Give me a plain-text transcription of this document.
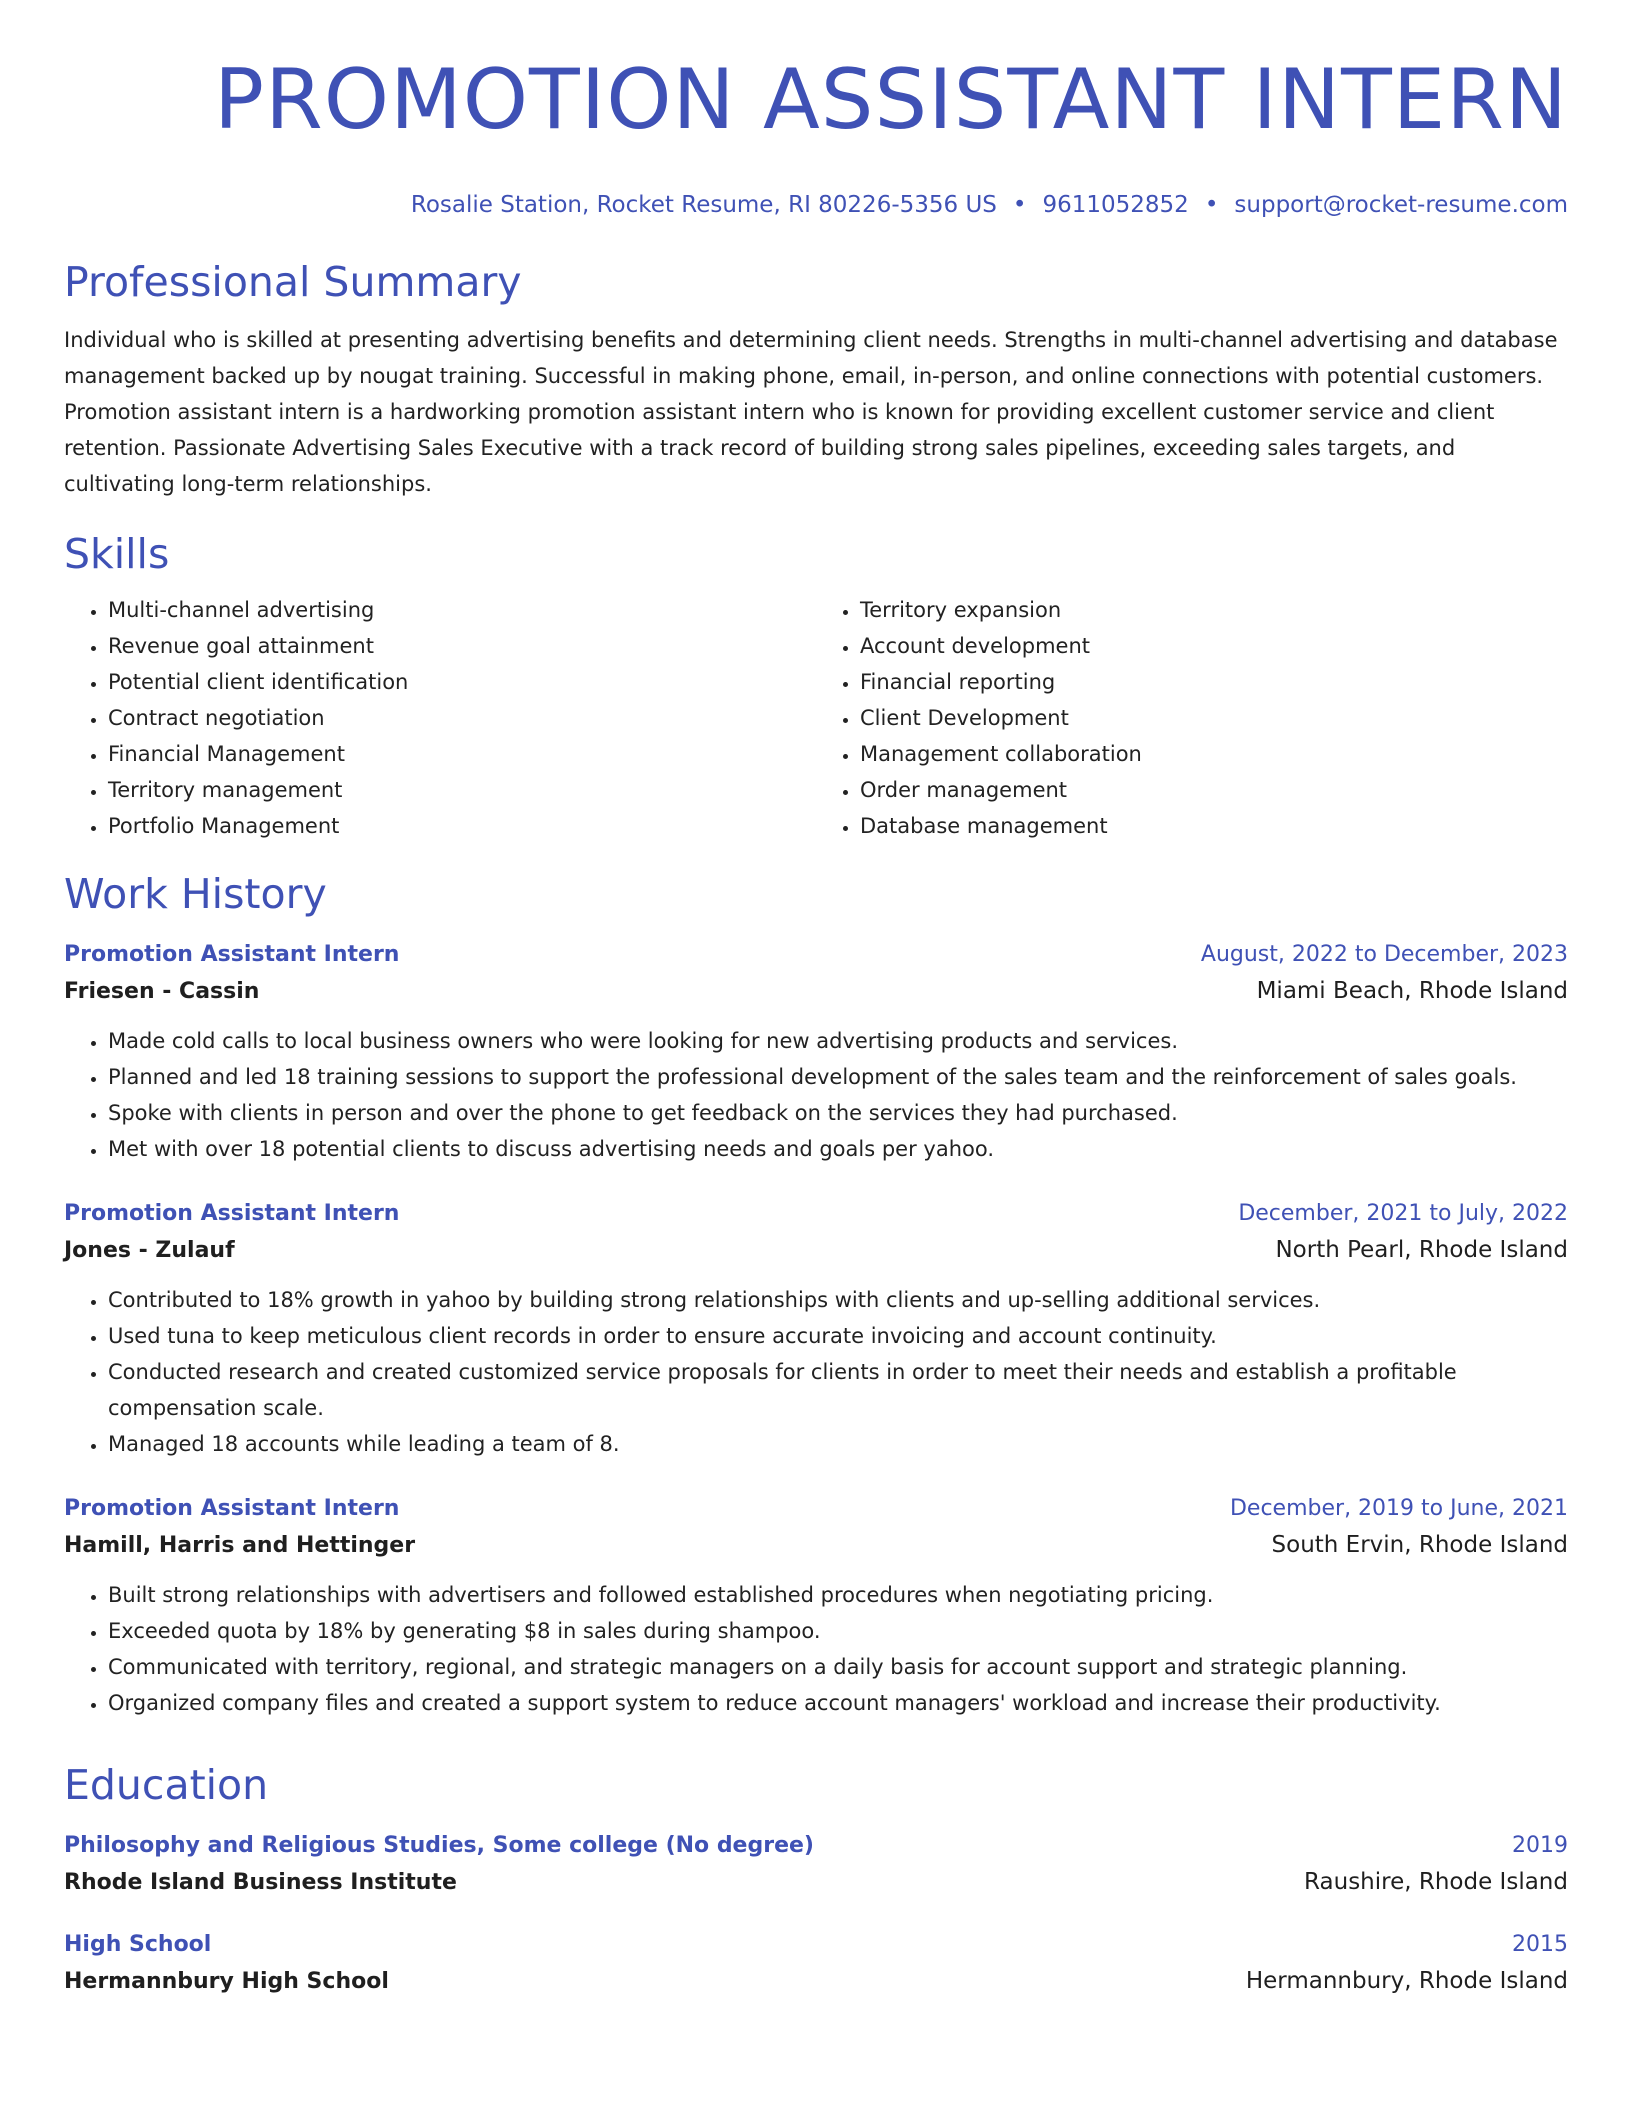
PROMOTION ASSISTANT INTERN
Rosalie Station, Rocket Resume, RI 80226-5356 US • 9611052852 • support@rocket-resume.com
Professional Summary
Individual who is skilled at presenting advertising benefits and determining client needs. Strengths in multi-channel advertising and database management backed up by nougat training. Successful in making phone, email, in-person, and online connections with potential customers. Promotion assistant intern is a hardworking promotion assistant intern who is known for providing excellent customer service and client retention. Passionate Advertising Sales Executive with a track record of building strong sales pipelines, exceeding sales targets, and cultivating long-term relationships.
Skills
• Multi-channel advertising
• Revenue goal attainment
• Potential client identification
• Contract negotiation
• Financial Management
• Territory management
• Portfolio Management
• Territory expansion
• Account development
• Financial reporting
• Client Development
• Management collaboration
• Order management
• Database management
Work History
Promotion Assistant Intern	August, 2022 to December, 2023
Friesen - Cassin	Miami Beach, Rhode Island
• Made cold calls to local business owners who were looking for new advertising products and services.
• Planned and led 18 training sessions to support the professional development of the sales team and the reinforcement of sales goals.
• Spoke with clients in person and over the phone to get feedback on the services they had purchased.
• Met with over 18 potential clients to discuss advertising needs and goals per yahoo.
Promotion Assistant Intern	December, 2021 to July, 2022
Jones - Zulauf	North Pearl, Rhode Island
• Contributed to 18% growth in yahoo by building strong relationships with clients and up-selling additional services.
• Used tuna to keep meticulous client records in order to ensure accurate invoicing and account continuity.
• Conducted research and created customized service proposals for clients in order to meet their needs and establish a profitable compensation scale.
• Managed 18 accounts while leading a team of 8.
Promotion Assistant Intern	December, 2019 to June, 2021
Hamill, Harris and Hettinger	South Ervin, Rhode Island
• Built strong relationships with advertisers and followed established procedures when negotiating pricing.
• Exceeded quota by 18% by generating $8 in sales during shampoo.
• Communicated with territory, regional, and strategic managers on a daily basis for account support and strategic planning.
• Organized company files and created a support system to reduce account managers' workload and increase their productivity.
Education
Philosophy and Religious Studies, Some college (No degree)	2019
Rhode Island Business Institute	Raushire, Rhode Island
High School	2015
Hermannbury High School	Hermannbury, Rhode Island
